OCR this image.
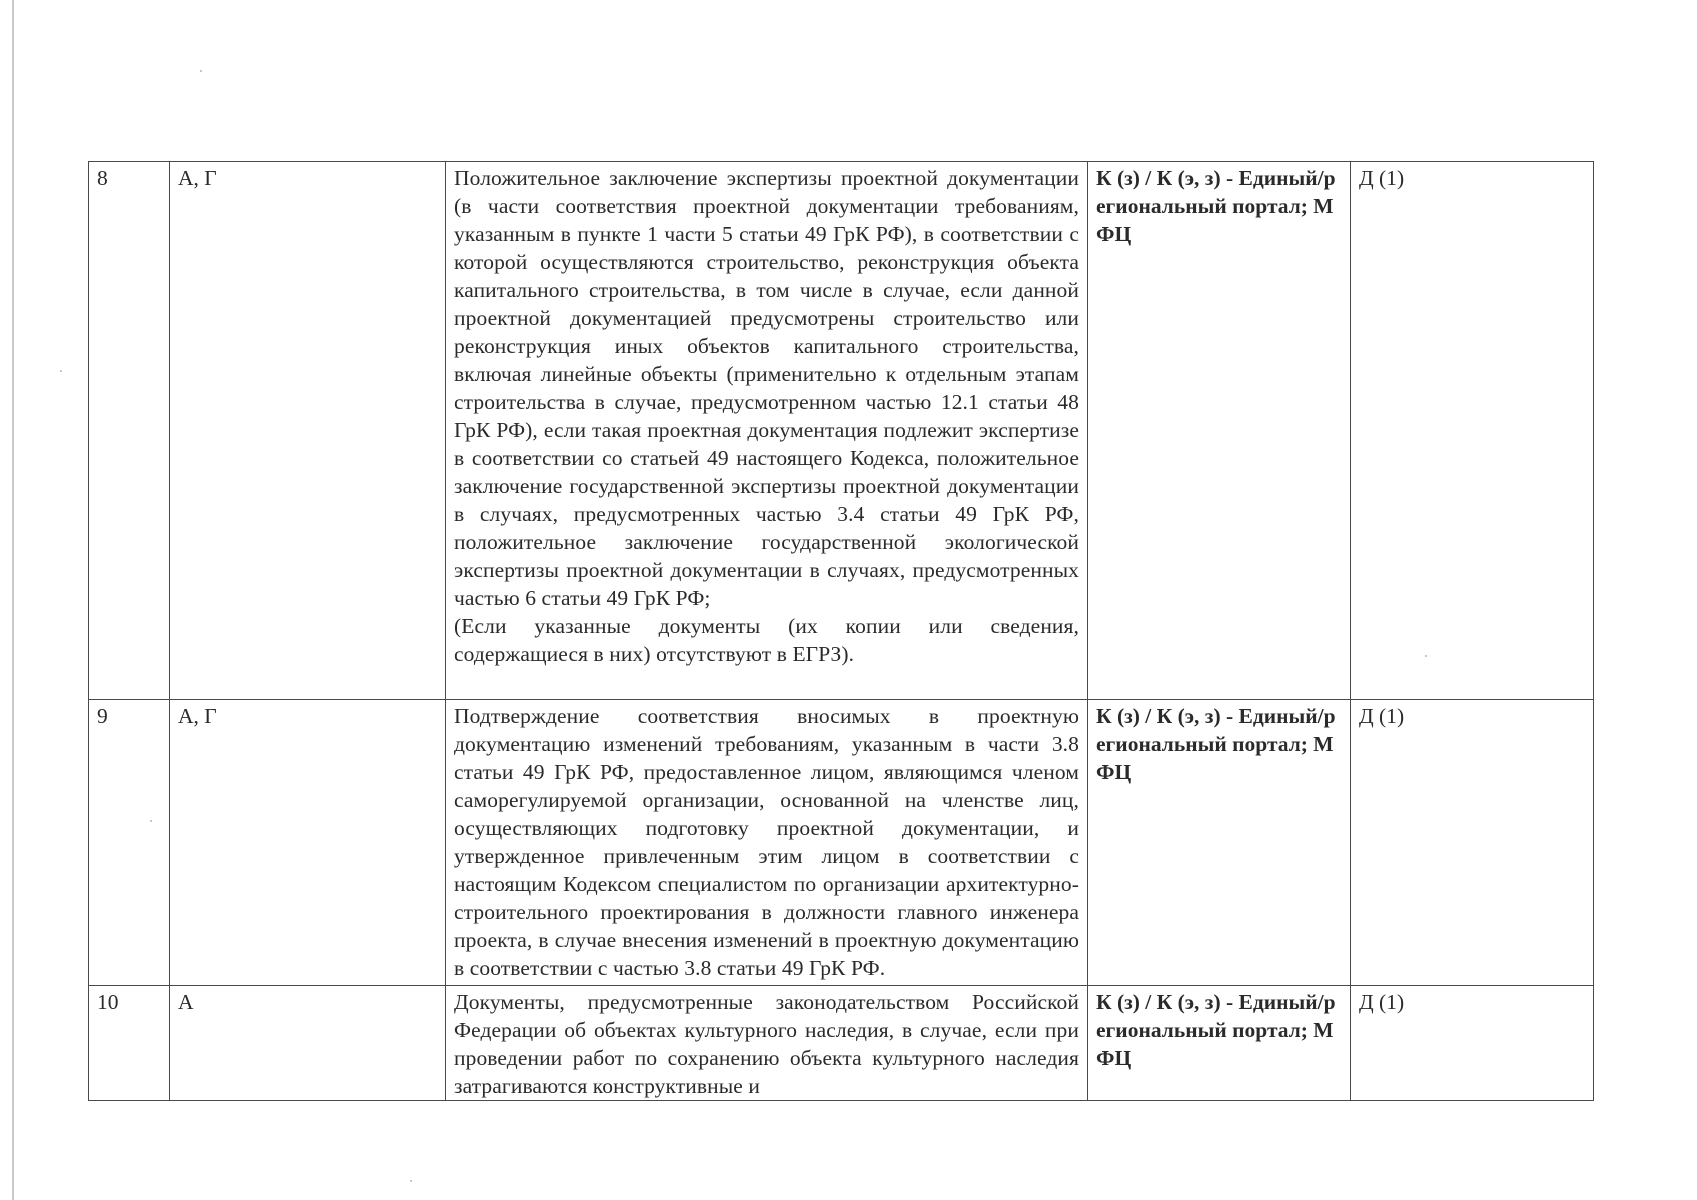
8	А, Г	Положительное заключение экспертизы проектной документации (в части соответствия проектной документации требованиям, указанным в пункте 1 части 5 статьи 49 ГрК РФ), в соответствии с которой осуществляются строительство, реконструкция объекта капитального строительства, в том числе в случае, если данной проектной документацией предусмотрены строительство или реконструкция иных объектов капитального строительства, включая линейные объекты (применительно к отдельным этапам строительства в случае, предусмотренном частью 12.1 статьи 48 ГрК РФ), если такая проектная документация подлежит экспертизе в соответствии со статьей 49 настоящего Кодекса, положительное заключение государственной экспертизы проектной документации в случаях, предусмотренных частью 3.4 статьи 49 ГрК РФ, положительное заключение государственной экологической экспертизы проектной документации в случаях, предусмотренных частью 6 статьи 49 ГрК РФ;
(Если указанные документы (их копии или сведения, содержащиеся в них) отсутствуют в ЕГРЗ).	К (з) / К (э, з) - Единый/региональный портал; МФЦ	Д (1)
9	А, Г	Подтверждение соответствия вносимых в проектную документацию изменений требованиям, указанным в части 3.8 статьи 49 ГрК РФ, предоставленное лицом, являющимся членом саморегулируемой организации, основанной на членстве лиц, осуществляющих подготовку проектной документации, и утвержденное привлеченным этим лицом в соответствии с настоящим Кодексом специалистом по организации архитектурно-строительного проектирования в должности главного инженера проекта, в случае внесения изменений в проектную документацию в соответствии с частью 3.8 статьи 49 ГрК РФ.	К (з) / К (э, з) - Единый/региональный портал; МФЦ	Д (1)
10	А	Документы, предусмотренные законодательством Российской Федерации об объектах культурного наследия, в случае, если при проведении работ по сохранению объекта культурного наследия затрагиваются конструктивные и	К (з) / К (э, з) - Единый/региональный портал; МФЦ	Д (1)
